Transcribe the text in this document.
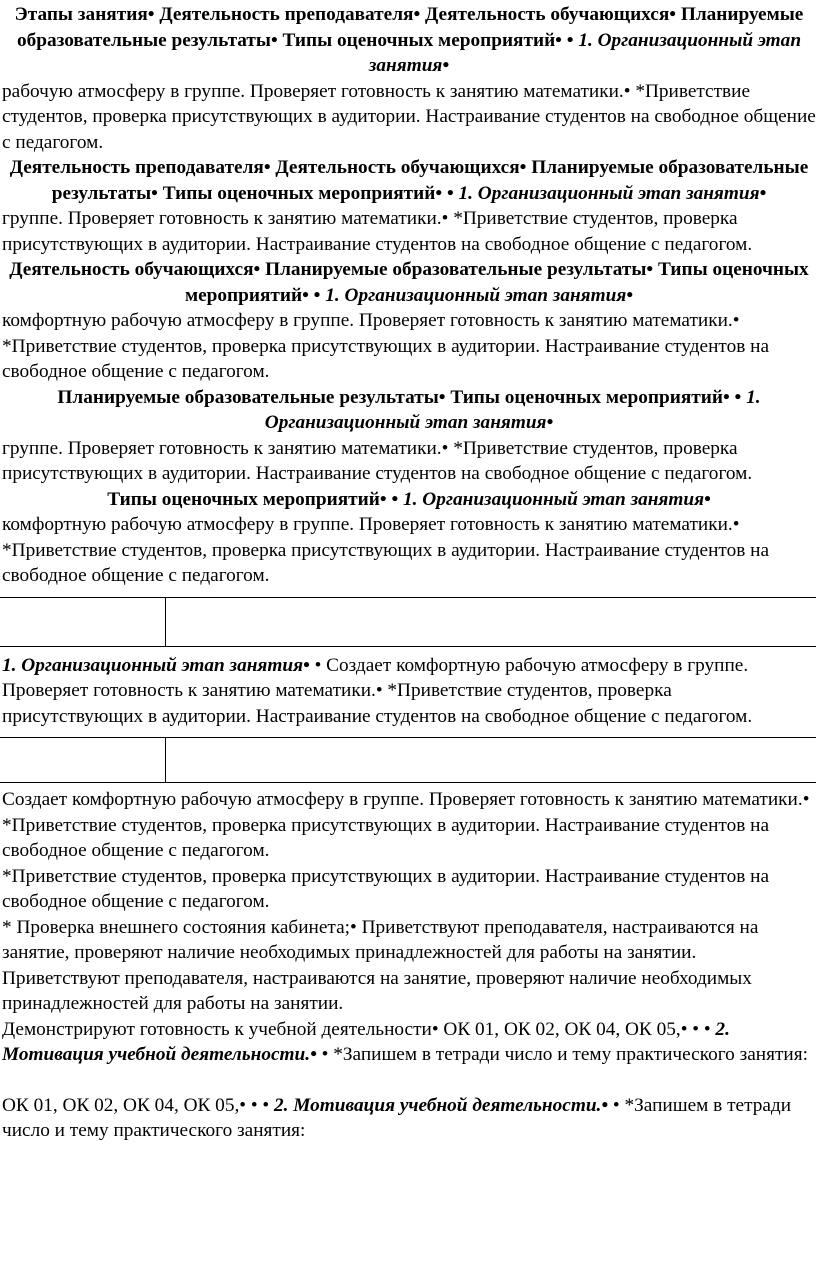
Этапы занятия• Деятельность преподавателя• Деятельность обучающихся• Планируемые образовательные результаты• Типы оценочных мероприятий• • 1. Организационный этап занятия•

рабочую атмосферу в группе. Проверяет готовность к занятию математики.• *Приветствие студентов, проверка присутствующих в аудитории. Настраивание студентов на свободное общение с педагогом.

Деятельность преподавателя• Деятельность обучающихся• Планируемые образовательные результаты• Типы оценочных мероприятий• • 1. Организационный этап занятия•

группе. Проверяет готовность к занятию математики.• *Приветствие студентов, проверка присутствующих в аудитории. Настраивание студентов на свободное общение с педагогом.

Деятельность обучающихся• Планируемые образовательные результаты• Типы оценочных мероприятий• • 1. Организационный этап занятия•

комфортную рабочую атмосферу в группе. Проверяет готовность к занятию математики.• *Приветствие студентов, проверка присутствующих в аудитории. Настраивание студентов на свободное общение с педагогом.

Планируемые образовательные результаты• Типы оценочных мероприятий• • 1. Организационный этап занятия•

группе. Проверяет готовность к занятию математики.• *Приветствие студентов, проверка присутствующих в аудитории. Настраивание студентов на свободное общение с педагогом.

Типы оценочных мероприятий• • 1. Организационный этап занятия•

комфортную рабочую атмосферу в группе. Проверяет готовность к занятию математики.• *Приветствие студентов, проверка присутствующих в аудитории. Настраивание студентов на свободное общение с педагогом.

1. Организационный этап занятия• • Создает комфортную рабочую атмосферу в группе. Проверяет готовность к занятию математики.• *Приветствие студентов, проверка присутствующих в аудитории. Настраивание студентов на свободное общение с педагогом.

Создает комфортную рабочую атмосферу в группе. Проверяет готовность к занятию математики.• *Приветствие студентов, проверка присутствующих в аудитории. Настраивание студентов на свободное общение с педагогом.

*Приветствие студентов, проверка присутствующих в аудитории. Настраивание студентов на свободное общение с педагогом.

* Проверка внешнего состояния кабинета;• Приветствуют преподавателя, настраиваются на занятие, проверяют наличие необходимых принадлежностей для работы на занятии.

Приветствуют преподавателя, настраиваются на занятие, проверяют наличие необходимых принадлежностей для работы на занятии.

Демонстрируют готовность к учебной деятельности• ОК 01, ОК 02, ОК 04, ОК 05,• • • 2. Мотивация учебной деятельности.• • *Запишем в тетради число и тему практического занятия:

ОК 01, ОК 02, ОК 04, ОК 05,• • • 2. Мотивация учебной деятельности.• • *Запишем в тетради число и тему практического занятия:
